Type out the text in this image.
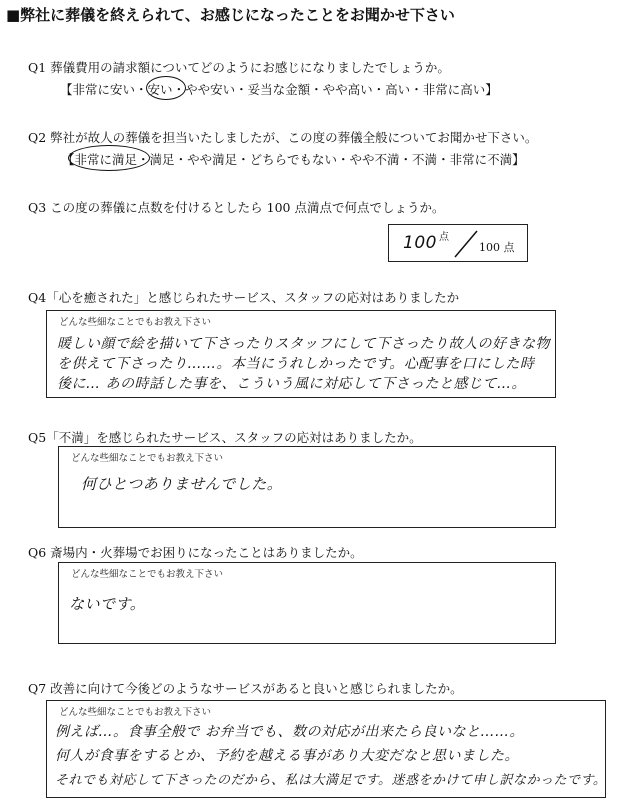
■弊社に葬儀を終えられて、お感じになったことをお聞かせ下さい
Q1 葬儀費用の請求額についてどのようにお感じになりましたでしょうか。
【非常に安い・安い・やや安い・妥当な金額・やや高い・高い・非常に高い】
Q2 弊社が故人の葬儀を担当いたしましたが、この度の葬儀全般についてお聞かせ下さい。
【非常に満足・満足・やや満足・どちらでもない・やや不満・不満・非常に不満】
Q3 この度の葬儀に点数を付けるとしたら 100 点満点で何点でしょうか。
100 点
100 点
Q4「心を癒された」と感じられたサービス、スタッフの応対はありましたか
どんな些細なことでもお教え下さい
暖しい顔で絵を描いて下さったりスタッフにして下さったり故人の好きな物
を供えて下さったり……。本当にうれしかったです。心配事を口にした時
後に… あの時話した事を、こういう風に対応して下さったと感じて…。
Q5「不満」を感じられたサービス、スタッフの応対はありましたか。
どんな些細なことでもお教え下さい
何ひとつありませんでした。
Q6 斎場内・火葬場でお困りになったことはありましたか。
どんな些細なことでもお教え下さい
ないです。
Q7 改善に向けて今後どのようなサービスがあると良いと感じられましたか。
どんな些細なことでもお教え下さい
例えば…。食事全般で お弁当でも、数の対応が出来たら良いなと……。
何人が食事をするとか、予約を越える事があり大変だなと思いました。
それでも対応して下さったのだから、私は大満足です。迷惑をかけて申し訳なかったです。
